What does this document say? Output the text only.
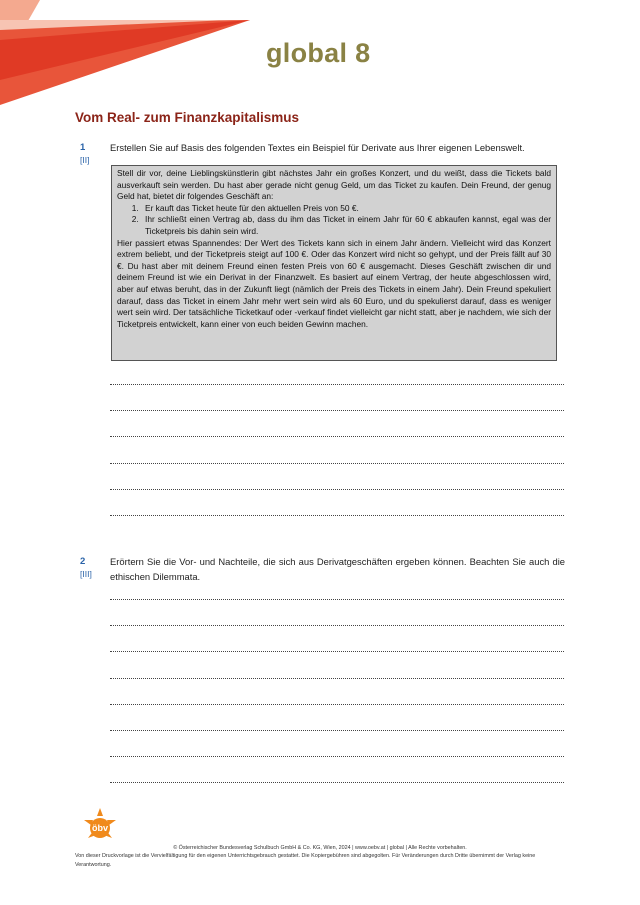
global 8
Vom Real- zum Finanzkapitalismus
1
[II]
Erstellen Sie auf Basis des folgenden Textes ein Beispiel für Derivate aus Ihrer eigenen Lebenswelt.

Stell dir vor, deine Lieblingskünstlerin gibt nächstes Jahr ein großes Konzert, und du weißt, dass die Tickets bald ausverkauft sein werden. Du hast aber gerade nicht genug Geld, um das Ticket zu kaufen. Dein Freund, der genug Geld hat, bietet dir folgendes Geschäft an:

1. Er kauft das Ticket heute für den aktuellen Preis von 50 €.
2. Ihr schließt einen Vertrag ab, dass du ihm das Ticket in einem Jahr für 60 € abkaufen kannst, egal was der Ticketpreis bis dahin sein wird.

Hier passiert etwas Spannendes: Der Wert des Tickets kann sich in einem Jahr ändern. Vielleicht wird das Konzert extrem beliebt, und der Ticketpreis steigt auf 100 €. Oder das Konzert wird nicht so gehypt, und der Preis fällt auf 30 €. Du hast aber mit deinem Freund einen festen Preis von 60 € ausgemacht. Dieses Geschäft zwischen dir und deinem Freund ist wie ein Derivat in der Finanzwelt. Es basiert auf einem Vertrag, der heute abgeschlossen wird, aber auf etwas beruht, das in der Zukunft liegt (nämlich der Preis des Tickets in einem Jahr). Dein Freund spekuliert darauf, dass das Ticket in einem Jahr mehr wert sein wird als 60 Euro, und du spekulierst darauf, dass es weniger wert sein wird. Der tatsächliche Ticketkauf oder -verkauf findet vielleicht gar nicht statt, aber je nachdem, wie sich der Ticketpreis entwickelt, kann einer von euch beiden Gewinn machen.

2
[III]
Erörtern Sie die Vor- und Nachteile, die sich aus Derivatgeschäften ergeben können. Beachten Sie auch die ethischen Dilemmata.
öbv
© Österreichischer Bundesverlag Schulbuch GmbH & Co. KG, Wien, 2024 | www.oebv.at | global | Alle Rechte vorbehalten.
Von dieser Druckvorlage ist die Vervielfältigung für den eigenen Unterrichtsgebrauch gestattet. Die Kopiergebühren sind abgegolten. Für Veränderungen durch Dritte übernimmt der Verlag keine Verantwortung.
